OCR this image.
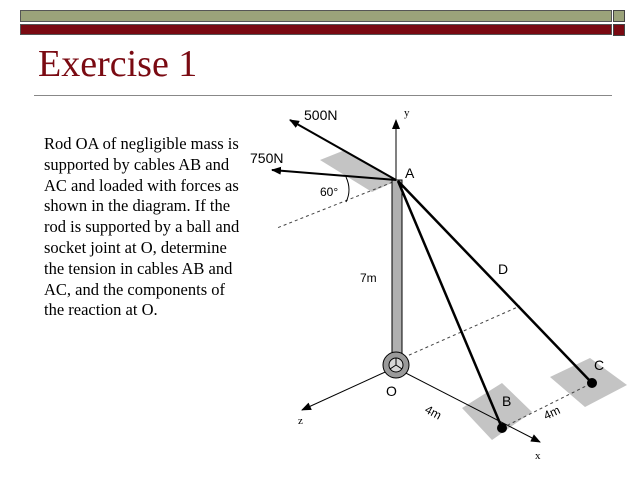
Exercise 1
Rod OA of negligible mass is supported by cables AB and AC and loaded with forces as shown in the diagram. If the rod is supported by a ball and socket joint at O, determine the tension in cables AB and AC, and the components of the reaction at O.
500N
750N
60°
A
D
7m
O
B
C
4m	4m
y
z
x
